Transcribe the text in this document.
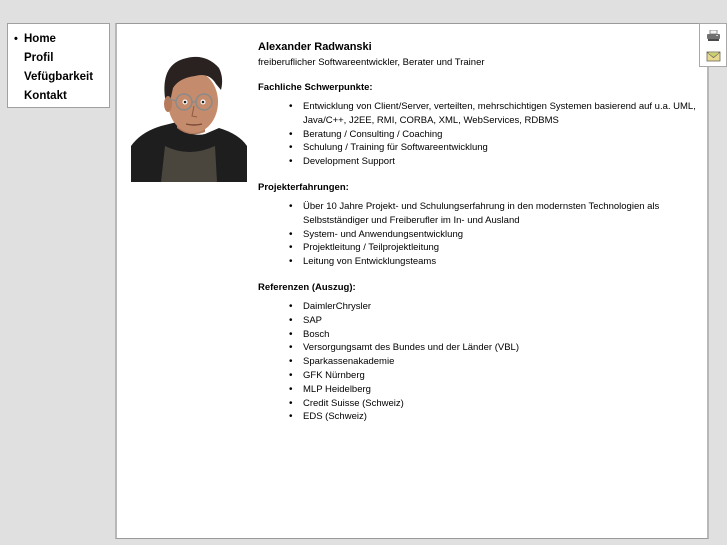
• Home
Profil
Vefügbarkeit
Kontakt

Alexander Radwanski

freiberuflicher Softwareentwickler, Berater und Trainer

Fachliche Schwerpunkte:
• Entwicklung von Client/Server, verteilten, mehrschichtigen Systemen basierend auf u.a. UML, Java/C++, J2EE, RMI, CORBA, XML, WebServices, RDBMS
• Beratung / Consulting / Coaching
• Schulung / Training für Softwareentwicklung
• Development Support
Projekterfahrungen:
• Über 10 Jahre Projekt- und Schulungserfahrung in den modernsten Technologien als Selbstständiger und Freiberufler im In- und Ausland
• System- und Anwendungsentwicklung
• Projektleitung / Teilprojektleitung
• Leitung von Entwicklungsteams
Referenzen (Auszug):
• DaimlerChrysler
• SAP
• Bosch
• Versorgungsamt des Bundes und der Länder (VBL)
• Sparkassenakademie
• GFK Nürnberg
• MLP Heidelberg
• Credit Suisse (Schweiz)
• EDS (Schweiz)
